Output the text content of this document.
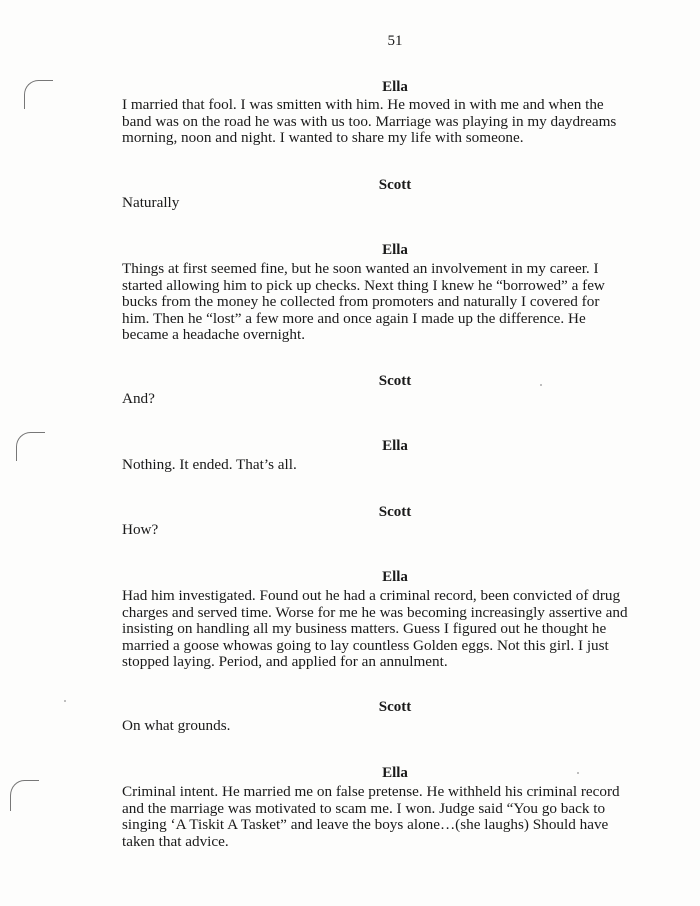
51
Ella
I married that fool. I was smitten with him. He moved in with me and when the
band was on the road he was with us too. Marriage was playing in my daydreams
morning, noon and night. I wanted to share my life with someone.
Scott
Naturally
Ella
Things at first seemed fine, but he soon wanted an involvement in my career. I
started allowing him to pick up checks. Next thing I knew he “borrowed” a few
bucks from the money he collected from promoters and naturally I covered for
him. Then he “lost” a few more and once again I made up the difference. He
became a headache overnight.
Scott
And?
Ella
Nothing. It ended. That’s all.
Scott
How?
Ella
Had him investigated. Found out he had a criminal record, been convicted of drug
charges and served time. Worse for me he was becoming increasingly assertive and
insisting on handling all my business matters. Guess I figured out he thought he
married a goose whowas going to lay countless Golden eggs. Not this girl. I just
stopped laying. Period, and applied for an annulment.
Scott
On what grounds.
Ella
Criminal intent. He married me on false pretense. He withheld his criminal record
and the marriage was motivated to scam me. I won. Judge said “You go back to
singing ‘A Tiskit A Tasket” and leave the boys alone…(she laughs) Should have
taken that advice.
